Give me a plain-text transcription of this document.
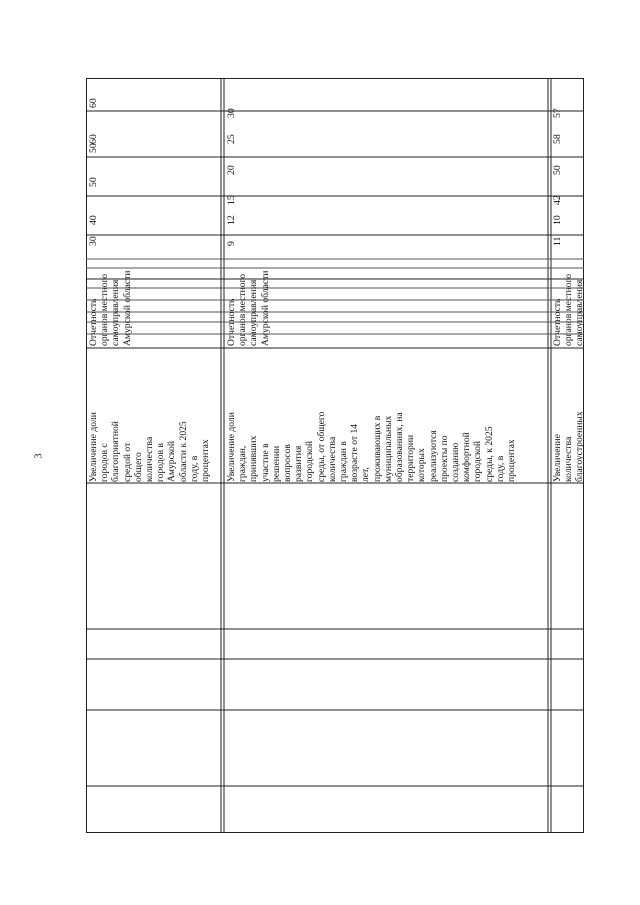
3	Увеличение доли
городов с
благоприятной
средой от
общего
количества
городов в
Амурской
области к 2025
году, в
процентах
Отчетность
органов местного
самоуправления
Амурской области
30
40
50
50
60
60
Увеличение доли
граждан,
принявших
участие в
решении
вопросов
развития
городской
среды, от общего
количества
граждан в
возрасте от 14
лет,
проживающих в
муниципальных
образованиях, на
территории
которых
реализуются
проекты по
созданию
комфортной
городской
среды, к 2025
году, в
процентах
Отчетность
органов местного
самоуправления
Амурской области
9
12
15
20
25
30
Увеличение
количества
благоустроенных
Отчетность
органов местного
самоуправления
11
10
42
50
58
57
